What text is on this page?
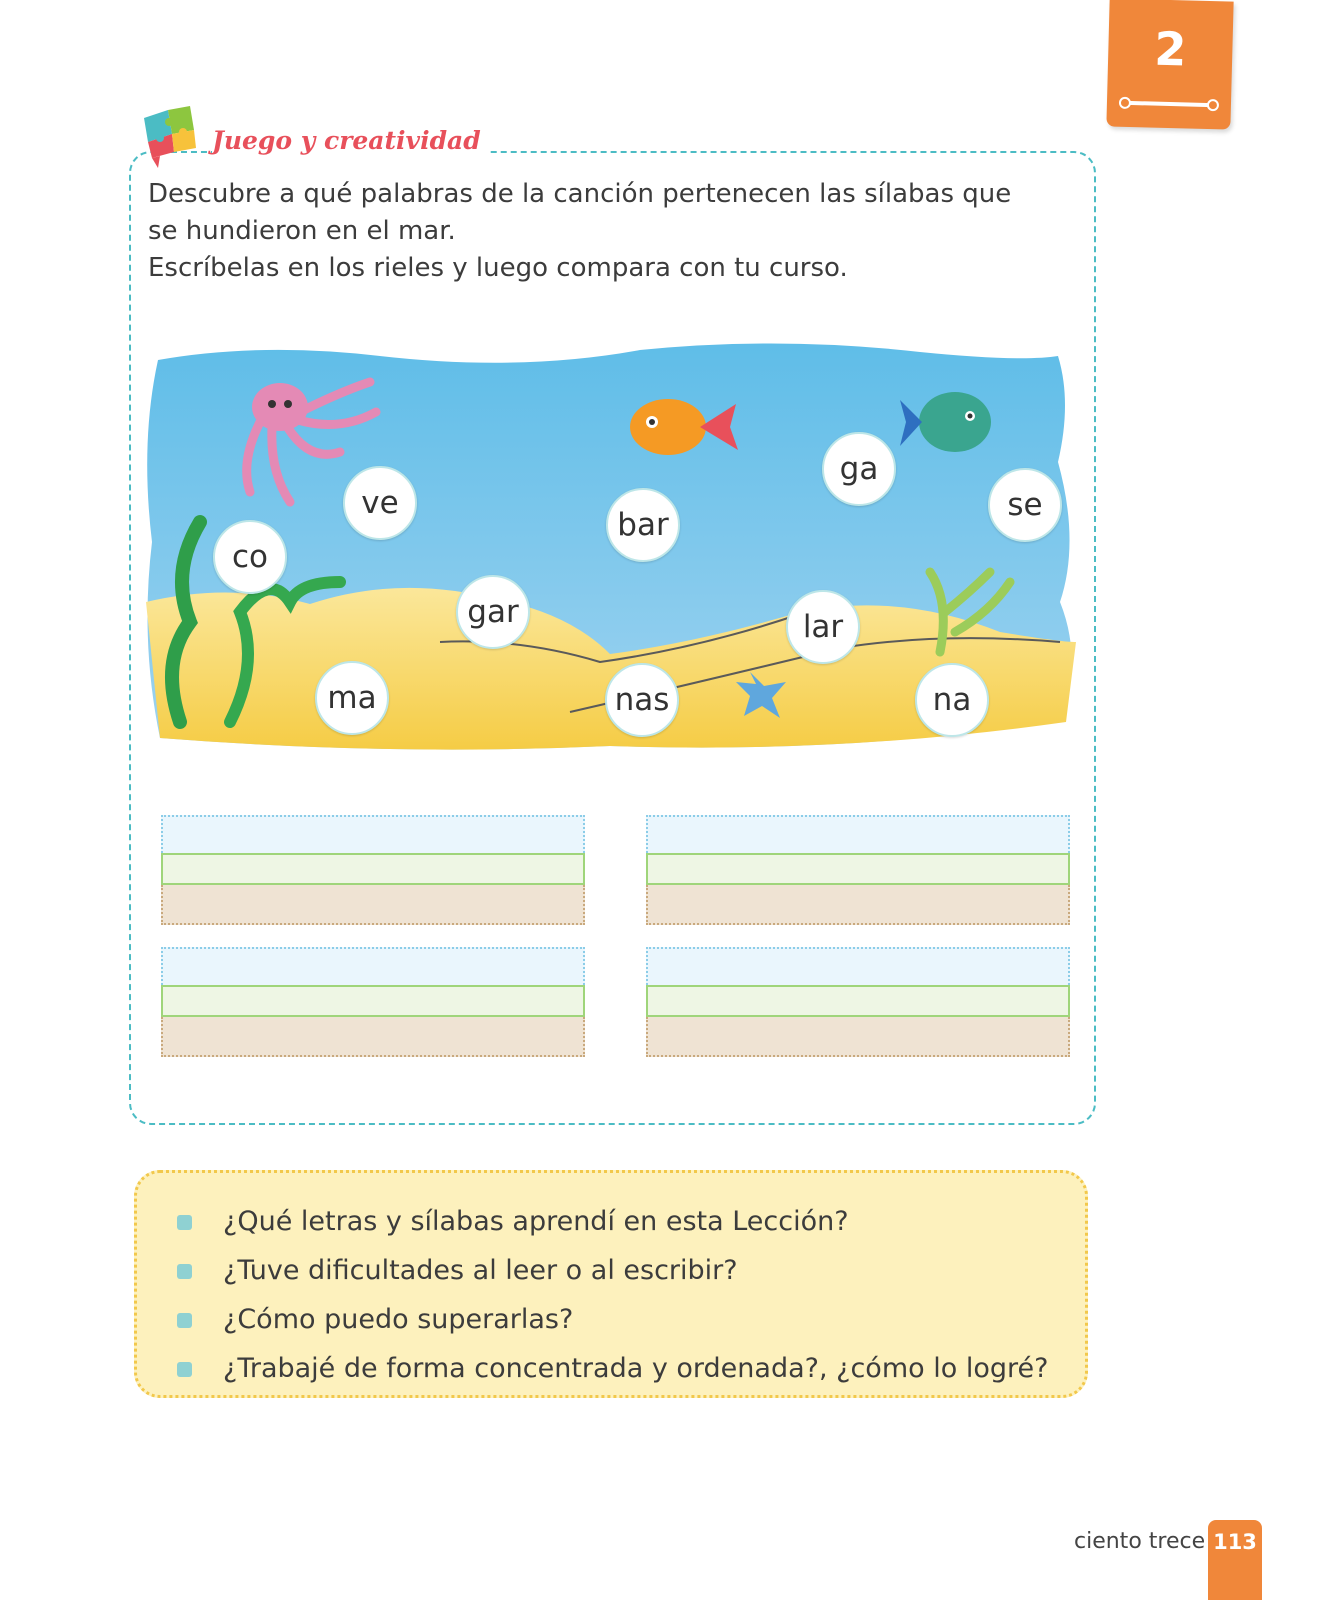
2
Juego y creatividad

Descubre a qué palabras de la canción pertenecen las sílabas que se hundieron en el mar.

Escríbelas en los rieles y luego compara con tu curso.

ve
co
bar
ga
se
gar	lar
ma	nas	na
¿Qué letras y sílabas aprendí en esta Lección?
¿Tuve dificultades al leer o al escribir?
¿Cómo puedo superarlas?
¿Trabajé de forma concentrada y ordenada?, ¿cómo lo logré?
ciento trece 113
